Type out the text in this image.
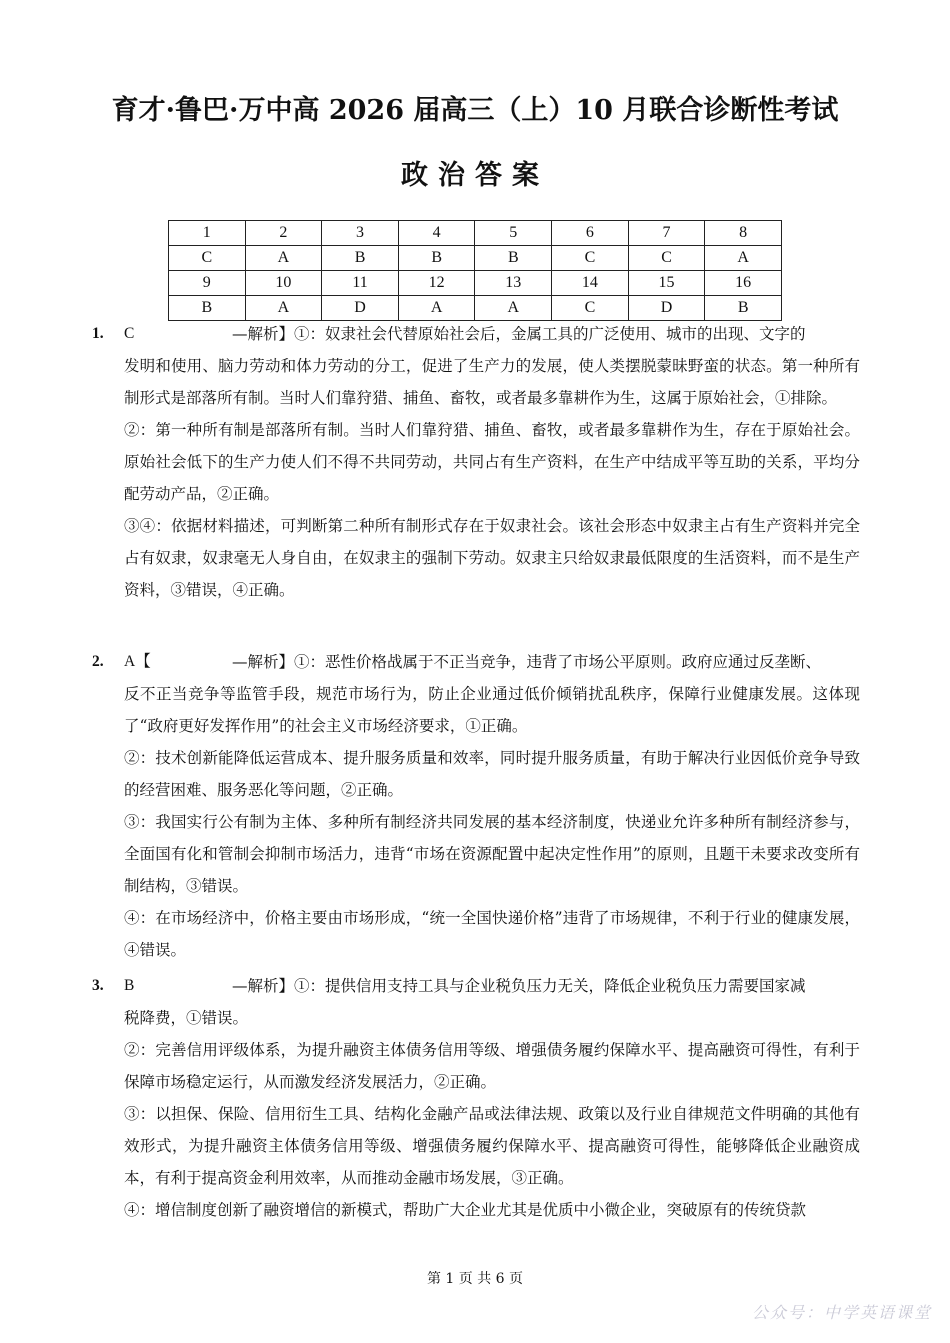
育才·鲁巴·万中高 2026 届高三（上）10 月联合诊断性考试
政治答案
1	2	3	4	5	6	7	8
C	A	B	B	B	C	C	A
9	10	11	12	13	14	15	16
B	A	D	A	A	C	D	B
1. C	—解析】①：奴隶社会代替原始社会后，金属工具的广泛使用、城市的出现、文字的

发明和使用、脑力劳动和体力劳动的分工，促进了生产力的发展，使人类摆脱蒙昧野蛮的状态。第一种所有制形式是部落所有制。当时人们靠狩猎、捕鱼、畜牧，或者最多靠耕作为生，这属于原始社会，①排除。

②：第一种所有制是部落所有制。当时人们靠狩猎、捕鱼、畜牧，或者最多靠耕作为生，存在于原始社会。原始社会低下的生产力使人们不得不共同劳动，共同占有生产资料，在生产中结成平等互助的关系，平均分配劳动产品，②正确。

③④：依据材料描述，可判断第二种所有制形式存在于奴隶社会。该社会形态中奴隶主占有生产资料并完全占有奴隶，奴隶毫无人身自由，在奴隶主的强制下劳动。奴隶主只给奴隶最低限度的生活资料，而不是生产资料，③错误，④正确。

2. A【	—解析】①：恶性价格战属于不正当竞争，违背了市场公平原则。政府应通过反垄断、

反不正当竞争等监管手段，规范市场行为，防止企业通过低价倾销扰乱秩序，保障行业健康发展。这体现了“政府更好发挥作用”的社会主义市场经济要求，①正确。

②：技术创新能降低运营成本、提升服务质量和效率，同时提升服务质量，有助于解决行业因低价竞争导致的经营困难、服务恶化等问题，②正确。

③：我国实行公有制为主体、多种所有制经济共同发展的基本经济制度，快递业允许多种所有制经济参与，全面国有化和管制会抑制市场活力，违背“市场在资源配置中起决定性作用”的原则，且题干未要求改变所有制结构，③错误。

④：在市场经济中，价格主要由市场形成，“统一全国快递价格”违背了市场规律，不利于行业的健康发展，④错误。

3. B	—解析】①：提供信用支持工具与企业税负压力无关，降低企业税负压力需要国家减

税降费，①错误。

②：完善信用评级体系，为提升融资主体债务信用等级、增强债务履约保障水平、提高融资可得性，有利于保障市场稳定运行，从而激发经济发展活力，②正确。

③：以担保、保险、信用衍生工具、结构化金融产品或法律法规、政策以及行业自律规范文件明确的其他有效形式，为提升融资主体债务信用等级、增强债务履约保障水平、提高融资可得性，能够降低企业融资成本，有利于提高资金利用效率，从而推动金融市场发展，③正确。

④：增信制度创新了融资增信的新模式，帮助广大企业尤其是优质中小微企业，突破原有的传统贷款

第 1 页 共 6 页
公众号：中学英语课堂
